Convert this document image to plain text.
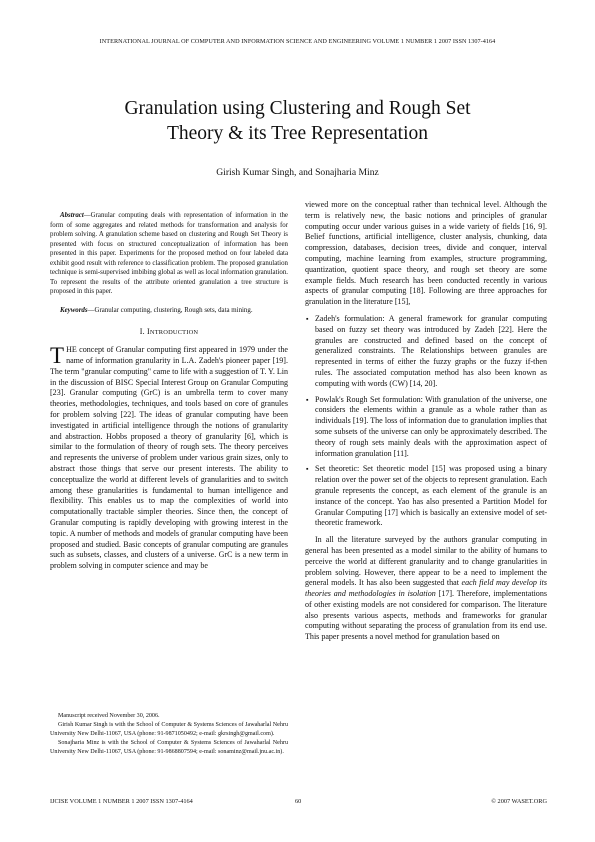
INTERNATIONAL JOURNAL OF COMPUTER AND INFORMATION SCIENCE AND ENGINEERING VOLUME 1 NUMBER 1 2007 ISSN 1307-4164
Granulation using Clustering and Rough Set
Theory & its Tree Representation
Girish Kumar Singh, and Sonajharia Minz

Abstract—Granular computing deals with representation of information in the form of some aggregates and related methods for transformation and analysis for problem solving. A granulation scheme based on clustering and Rough Set Theory is presented with focus on structured conceptualization of information has been presented in this paper. Experiments for the proposed method on four labeled data exhibit good result with reference to classification problem. The proposed granulation technique is semi-supervised imbibing global as well as local information granulation. To represent the results of the attribute oriented granulation a tree structure is proposed in this paper.

Keywords—Granular computing, clustering, Rough sets, data mining.

I. INTRODUCTION

THE concept of Granular computing first appeared in 1979 under the name of information granularity in L.A. Zadeh's pioneer paper [19]. The term "granular computing" came to life with a suggestion of T. Y. Lin in the discussion of BISC Special Interest Group on Granular Computing [23]. Granular computing (GrC) is an umbrella term to cover many theories, methodologies, techniques, and tools based on core of granules for problem solving [22]. The ideas of granular computing have been investigated in artificial intelligence through the notions of granularity and abstraction. Hobbs proposed a theory of granularity [6], which is similar to the formulation of theory of rough sets. The theory perceives and represents the universe of problem under various grain sizes, only to abstract those things that serve our present interests. The ability to conceptualize the world at different levels of granularities and to switch among these granularities is fundamental to human intelligence and flexibility. This enables us to map the complexities of world into computationally tractable simpler theories. Since then, the concept of Granular computing is rapidly developing with growing interest in the topic. A number of methods and models of granular computing have been proposed and studied. Basic concepts of granular computing are granules such as subsets, classes, and clusters of a universe. GrC is a new term in problem solving in computer science and may be

viewed more on the conceptual rather than technical level. Although the term is relatively new, the basic notions and principles of granular computing occur under various guises in a wide variety of fields [16, 9]. Belief functions, artificial intelligence, cluster analysis, chunking, data compression, databases, decision trees, divide and conquer, interval computing, machine learning from examples, structure programming, quantization, quotient space theory, and rough set theory are some example fields. Much research has been conducted recently in various aspects of granular computing [18]. Following are three approaches for granulation in the literature [15],

▪ Zadeh's formulation: A general framework for granular computing based on fuzzy set theory was introduced by Zadeh [22]. Here the granules are constructed and defined based on the concept of generalized constraints. The Relationships between granules are represented in terms of either the fuzzy graphs or the fuzzy if-then rules. The associated computation method has also been known as computing with words (CW) [14, 20].
▪ Powlak's Rough Set formulation: With granulation of the universe, one considers the elements within a granule as a whole rather than as individuals [19]. The loss of information due to granulation implies that some subsets of the universe can only be approximately described. The theory of rough sets mainly deals with the approximation aspect of information granulation [11].
▪ Set theoretic: Set theoretic model [15] was proposed using a binary relation over the power set of the objects to represent granulation. Each granule represents the concept, as each element of the granule is an instance of the concept. Yao has also presented a Partition Model for Granular Computing [17] which is basically an extensive model of set-theoretic framework.

In all the literature surveyed by the authors granular computing in general has been presented as a model similar to the ability of humans to perceive the world at different granularity and to change granularities in problem solving. However, there appear to be a need to implement the general models. It has also been suggested that each field may develop its theories and methodologies in isolation [17]. Therefore, implementations of other existing models are not considered for comparison. The literature also presents various aspects, methods and frameworks for granular computing without separating the process of granulation from its end use. This paper presents a novel method for granulation based on

Manuscript received November 30, 2006.

Girish Kumar Singh is with the School of Computer & Systems Sciences of Jawaharlal Nehru University New Delhi-11067, USA (phone: 91-9871050492; e-mail: gkrsingh@gmail.com).

Sonajharia Minz is with the School of Computer & Systems Sciences of Jawaharlal Nehru University New Delhi-11067, USA (phone: 91-9868807594; e-mail: sonaminz@mail.jnu.ac.in).

IJCISE VOLUME 1 NUMBER 1 2007 ISSN 1307-4164	60	© 2007 WASET.ORG
